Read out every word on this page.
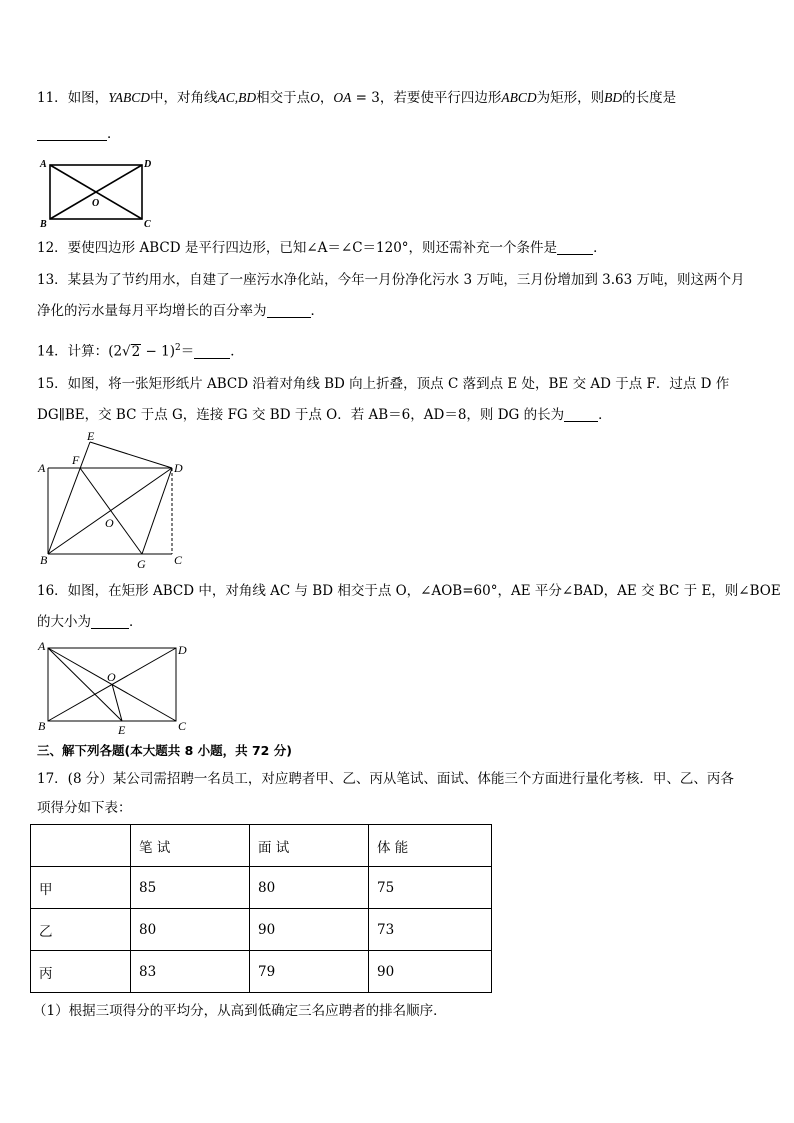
11．如图，YABCD中，对角线AC,BD相交于点O，OA = 3，若要使平行四边形ABCD为矩形，则BD的长度是
．
A	D
B	C
O
12．要使四边形 ABCD 是平行四边形，已知∠A＝∠C＝120°，则还需补充一个条件是	．
13．某县为了节约用水，自建了一座污水净化站，今年一月份净化污水 3 万吨，三月份增加到 3.63 万吨，则这两个月
净化的污水量每月平均增长的百分率为	．
14．计算：$(2√2 - 1)^2=$	．
15．如图，将一张矩形纸片 ABCD 沿着对角线 BD 向上折叠，顶点 C 落到点 E 处，BE 交 AD 于点 F．过点 D 作
DG∥BE，交 BC 于点 G，连接 FG 交 BD 于点 O．若 AB＝6，AD＝8，则 DG 的长为	．
A
B	C
D
E
F
G
O
16．如图，在矩形 ABCD 中，对角线 AC 与 BD 相交于点 O，∠AOB=60°，AE 平分∠BAD，AE 交 BC 于 E，则∠BOE
的大小为	．
A	D
B	C
E
O
三、解下列各题(本大题共 8 小题，共 72 分)
17．(8 分）某公司需招聘一名员工，对应聘者甲、乙、丙从笔试、面试、体能三个方面进行量化考核．甲、乙、丙各
项得分如下表：
	笔 试	面 试	体 能
甲	85	80	75
乙	80	90	73
丙	83	79	90
（1）根据三项得分的平均分，从高到低确定三名应聘者的排名顺序．
